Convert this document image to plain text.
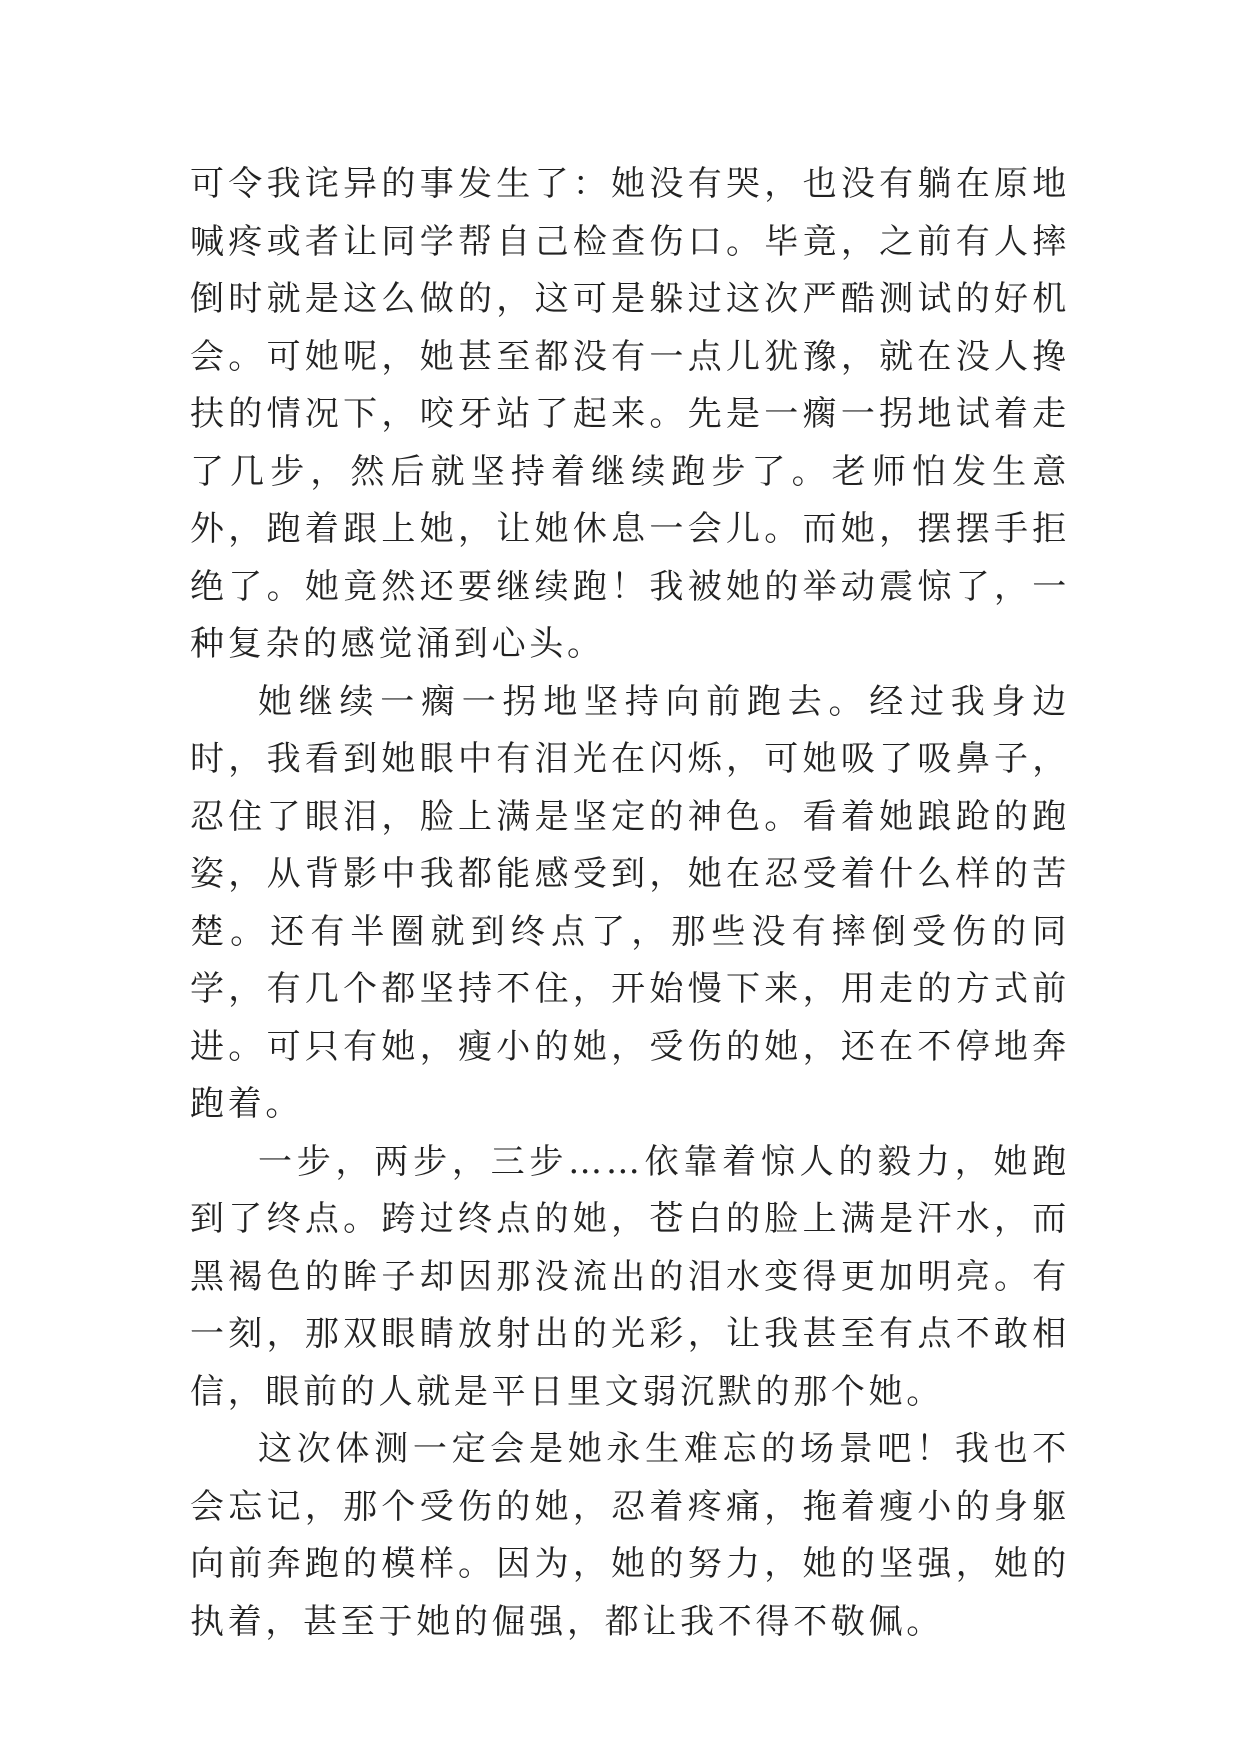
可令我诧异的事发生了：她没有哭，也没有躺在原地喊疼或者让同学帮自己检查伤口。毕竟，之前有人摔倒时就是这么做的，这可是躲过这次严酷测试的好机会。可她呢，她甚至都没有一点儿犹豫，就在没人搀扶的情况下，咬牙站了起来。先是一瘸一拐地试着走了几步，然后就坚持着继续跑步了。老师怕发生意外，跑着跟上她，让她休息一会儿。而她，摆摆手拒绝了。她竟然还要继续跑！我被她的举动震惊了，一种复杂的感觉涌到心头。

她继续一瘸一拐地坚持向前跑去。经过我身边时，我看到她眼中有泪光在闪烁，可她吸了吸鼻子，忍住了眼泪，脸上满是坚定的神色。看着她踉跄的跑姿，从背影中我都能感受到，她在忍受着什么样的苦楚。还有半圈就到终点了，那些没有摔倒受伤的同学，有几个都坚持不住，开始慢下来，用走的方式前进。可只有她，瘦小的她，受伤的她，还在不停地奔跑着。

一步，两步，三步……依靠着惊人的毅力，她跑到了终点。跨过终点的她，苍白的脸上满是汗水，而黑褐色的眸子却因那没流出的泪水变得更加明亮。有一刻，那双眼睛放射出的光彩，让我甚至有点不敢相信，眼前的人就是平日里文弱沉默的那个她。

这次体测一定会是她永生难忘的场景吧！我也不会忘记，那个受伤的她，忍着疼痛，拖着瘦小的身躯向前奔跑的模样。因为，她的努力，她的坚强，她的执着，甚至于她的倔强，都让我不得不敬佩。
